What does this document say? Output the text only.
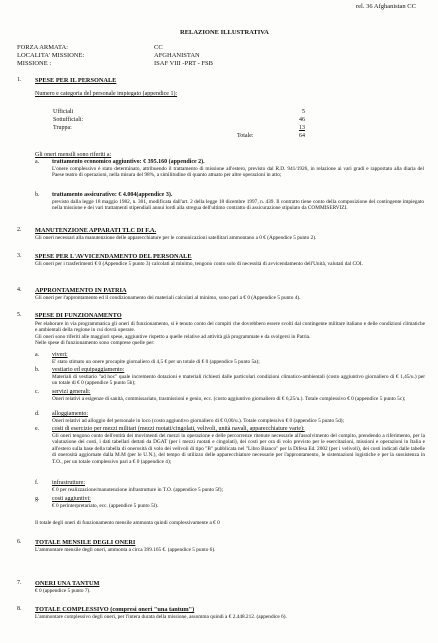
rel. 36 Afghanistan CC
RELAZIONE ILLUSTRATIVA
FORZA ARMATA:	CC
LOCALITA' MISSIONE:	AFGHANISTAN
MISSIONE :	ISAF VIII -PRT - FSB
1. SPESE PER IL PERSONALE
Numero e categoria del personale impiegato (appendice 1):
Ufficiali	5
Sottufficiali:	46
Truppa:	13
Totale:	64
Gli oneri mensili sono riferiti a:
a. trattamento economico aggiuntivo: € 395.160 (appendice 2).
L'onere complessivo è stato determinato, attribuendo il trattamento di missione all'estero, previsto dal R.D. 941/1926, in relazione ai vari gradi e rapportato alla diaria del Paese teatro di operazioni, nella misura del 98%, a similitudine di quanto attuato per altre operazioni in atto;
b. trattamento assicurativo: € 4.004(appendice 3).
previsto dalla legge 18 maggio 1982, n. 301, modificata dall'art. 2 della legge 18 dicembre 1997, n. 439. Il contratto tiene conto della composizione del contingente impiegato nella missione e dei vari trattamenti stipendiali annui lordi alla stregua dell'ultimo contratto di assicurazione stipulato da COMMISERVIZI.
2. MANUTENZIONE APPARATI TLC DI F.A.
Gli oneri necessari alla manutenzione delle apparecchiature per le comunicazioni satellitari ammontano a 0 € (Appendice 5 punto 2).
3. SPESE PER L'AVVICENDAMENTO DEL PERSONALE
Gli oneri per i trasferimenti € 0 (Appendice 5 punto 3) calcolati al minimo, tengono conto solo di necessità di avvicendamento dell'Unità, valutati dal COI.
4. APPRONTAMENTO IN PATRIA
Gli oneri per l'approntamento ed il condizionamento dei materiali calcolati al minimo, sono pari a € 0 (Appendice 5 punto 4).
5. SPESE DI FUNZIONAMENTO
Per elaborare in via programmatica gli oneri di funzionamento, si è tenuto conto dei compiti che dovrebbero essere svolti dal contingente militare italiano e delle condizioni climatiche e ambientali della regione in cui dovrà operare.
Gli oneri sono riferiti alle maggiori spese, aggiuntive rispetto a quelle relative ad attività già programmate e da svolgersi in Patria.
Nelle spese di funzionamento sono comprese quelle per:
a. viveri:
E' stato stimato un onere procapite giornaliero di 4,5 € per un totale di € 0 (appendice 5 punto 5a);
b. vestiario ed equipaggiamento:
Materiali di vestiario "ad hoc" quale incremento dotazioni e materiali richiesti dalle particolari condizioni climatico-ambientali (costo aggiuntivo giornaliero di € 1,45/u.) per un totale di € 0 (appendice 5 punto 5b);
c. servizi generali:
Oneri relativi a esigenze di sanità, commissariato, trasmissioni e genio, ecc. (costo aggiuntivo giornaliero di € 6,25/u.). Totale complessivo € 0 (appendice 5 punto 5c);
d. alloggiamento:
Oneri relativi ad alloggio del personale in loco (costo aggiuntivo giornaliero di € 0,00/u.). Totale complessivo € 0 (appendice 5 punto 5d);
e. costi di esercizio per mezzi militari (mezzi ruotati/cingolati, velivoli, unità navali, apparecchiature varie):
Gli oneri tengono conto dell'entità dei movimenti dei mezzi in operazione e delle percorrenze ritenute necessarie all'assolvimento del compito, prendendo a riferimento, per la valutazione dei costi, i dati tabellari dettati da DGAT (per i mezzi ruotati e cingolati), dei costi per ora di volo previsto per le esercitazioni, missioni e operazioni in Italia e all'estero sulla base della tabella di onerosità di volo dei velivoli di tipo "B" pubblicata nel "Libro Bianco" per la Difesa Ed. 2002 (per i velivoli), dei costi indicati dalle tabelle di onerosità aggiornate dalla M.M (per le U.N.), del tempo di utilizzo delle apparecchiature necessarie per l'approntamento, le sistemazioni logistiche e per la sussistenza in T.O., per un totale complessivo pari a € 0 (appendice 4);
f. infrastrutture:
€ 0 per realizzazione/manutenzione infrastrutture in T.O. (appendice 5 punto 5f);
g. costi aggiuntivi:
€ 0 perinterpretariato, ecc. (appendice 5 punto 5l).
Il totale degli oneri di funzionamento mensile ammonta quindi complessivamente a € 0
6. TOTALE MENSILE DEGLI ONERI
L'ammontare mensile degli oneri, ammonta a circa 399.165 €. (appendice 5 punto 6).
7. ONERI UNA TANTUM
€ 0 (appendice 5 punto 7).
8. TOTALE COMPLESSIVO (compresi oneri "una tantum")
L'ammontare complessivo degli oneri, per l'intera durata della missione, assomma quindi a € 2.448.212. (appendice 6).
